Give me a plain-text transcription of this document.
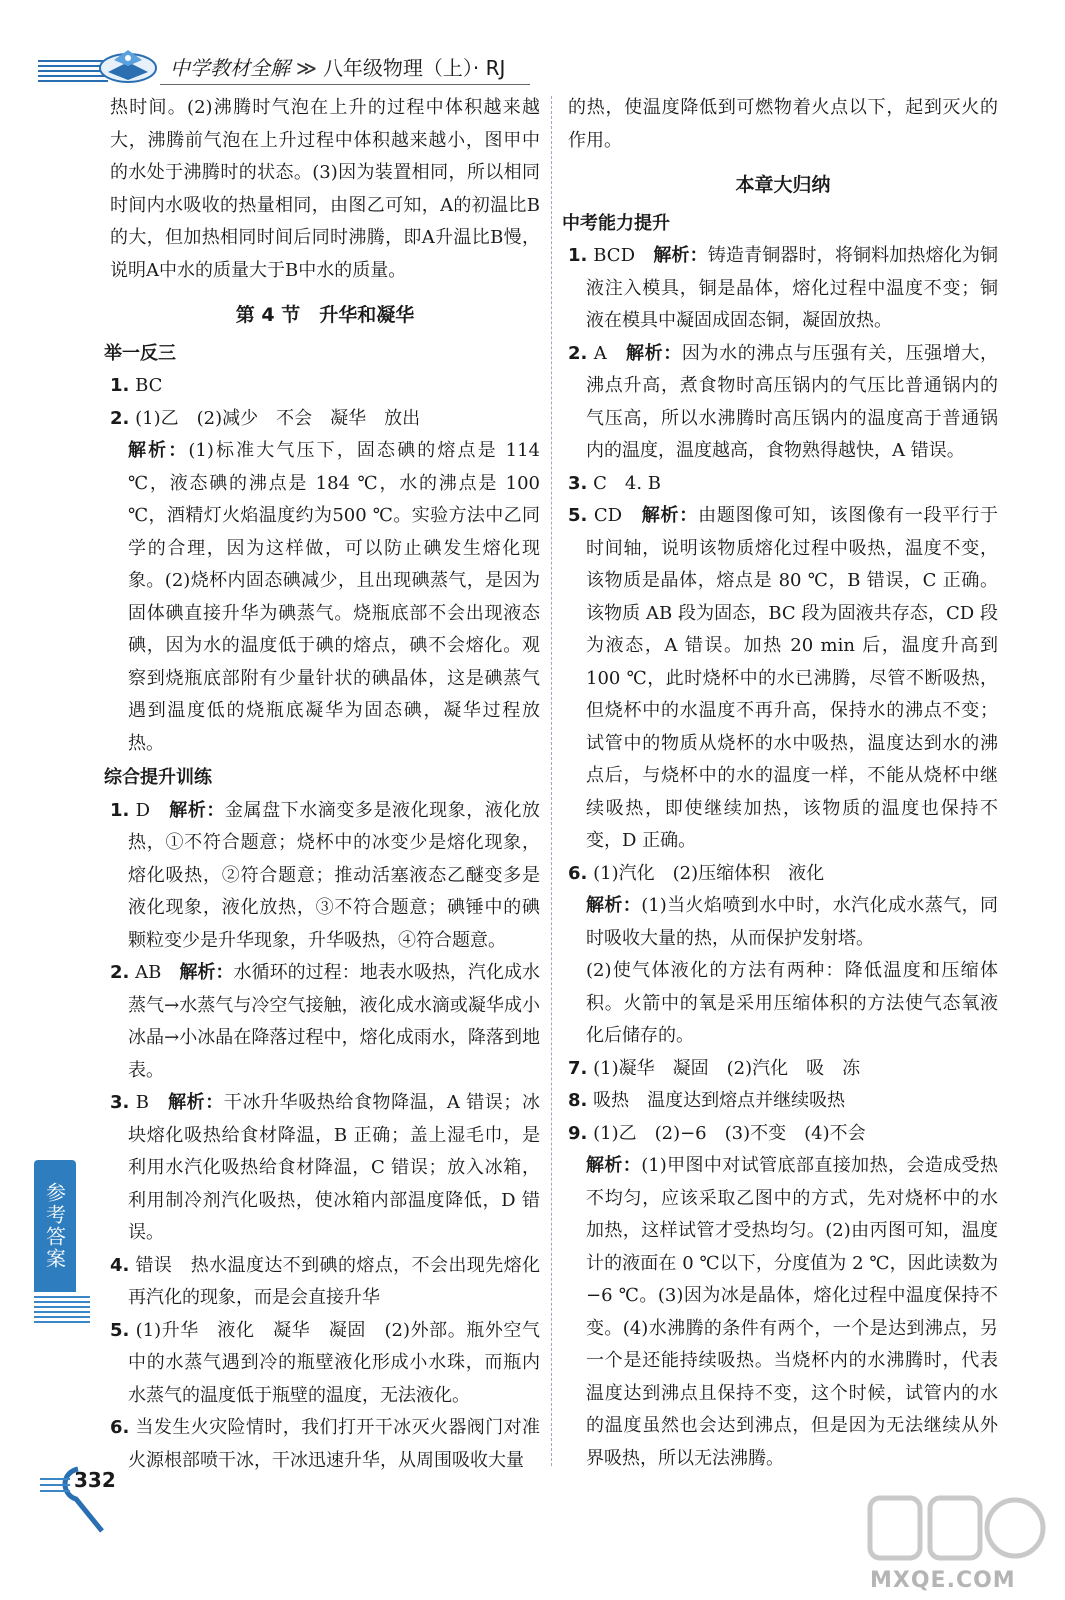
中学教材全解 ≫ 八年级物理（上）· RJ

热时间。(2)沸腾时气泡在上升的过程中体积越来越大，沸腾前气泡在上升过程中体积越来越小，图甲中的水处于沸腾时的状态。(3)因为装置相同，所以相同时间内水吸收的热量相同，由图乙可知，A的初温比B的大，但加热相同时间后同时沸腾，即A升温比B慢，说明A中水的质量大于B中水的质量。

第 4 节　升华和凝华
举一反三

1. BC

2. (1)乙　(2)减少　不会　凝华　放出

解析：(1)标准大气压下，固态碘的熔点是 114 ℃，液态碘的沸点是 184 ℃，水的沸点是 100 ℃，酒精灯火焰温度约为500 ℃。实验方法中乙同学的合理，因为这样做，可以防止碘发生熔化现象。(2)烧杯内固态碘减少，且出现碘蒸气，是因为固体碘直接升华为碘蒸气。烧瓶底部不会出现液态碘，因为水的温度低于碘的熔点，碘不会熔化。观察到烧瓶底部附有少量针状的碘晶体，这是碘蒸气遇到温度低的烧瓶底凝华为固态碘，凝华过程放热。

综合提升训练

1. D　解析：金属盘下水滴变多是液化现象，液化放热，①不符合题意；烧杯中的冰变少是熔化现象，熔化吸热，②符合题意；推动活塞液态乙醚变多是液化现象，液化放热，③不符合题意；碘锤中的碘颗粒变少是升华现象，升华吸热，④符合题意。

2. AB　解析：水循环的过程：地表水吸热，汽化成水蒸气→水蒸气与冷空气接触，液化成水滴或凝华成小冰晶→小冰晶在降落过程中，熔化成雨水，降落到地表。

3. B　解析：干冰升华吸热给食物降温，A 错误；冰块熔化吸热给食材降温，B 正确；盖上湿毛巾，是利用水汽化吸热给食材降温，C 错误；放入冰箱，利用制冷剂汽化吸热，使冰箱内部温度降低，D 错误。

4. 错误　热水温度达不到碘的熔点，不会出现先熔化再汽化的现象，而是会直接升华

5. (1)升华　液化　凝华　凝固　(2)外部。瓶外空气中的水蒸气遇到冷的瓶壁液化形成小水珠，而瓶内水蒸气的温度低于瓶壁的温度，无法液化。

6. 当发生火灾险情时，我们打开干冰灭火器阀门对准火源根部喷干冰，干冰迅速升华，从周围吸收大量

的热，使温度降低到可燃物着火点以下，起到灭火的作用。

本章大归纳
中考能力提升

1. BCD　解析：铸造青铜器时，将铜料加热熔化为铜液注入模具，铜是晶体，熔化过程中温度不变；铜液在模具中凝固成固态铜，凝固放热。

2. A　解析：因为水的沸点与压强有关，压强增大，沸点升高，煮食物时高压锅内的气压比普通锅内的气压高，所以水沸腾时高压锅内的温度高于普通锅内的温度，温度越高，食物熟得越快，A 错误。

3. C　4. B

5. CD　解析：由题图像可知，该图像有一段平行于时间轴，说明该物质熔化过程中吸热，温度不变，该物质是晶体，熔点是 80 ℃，B 错误，C 正确。该物质 AB 段为固态，BC 段为固液共存态，CD 段为液态，A 错误。加热 20 min 后，温度升高到 100 ℃，此时烧杯中的水已沸腾，尽管不断吸热，但烧杯中的水温度不再升高，保持水的沸点不变；试管中的物质从烧杯的水中吸热，温度达到水的沸点后，与烧杯中的水的温度一样，不能从烧杯中继续吸热，即使继续加热，该物质的温度也保持不变，D 正确。

6. (1)汽化　(2)压缩体积　液化

解析：(1)当火焰喷到水中时，水汽化成水蒸气，同时吸收大量的热，从而保护发射塔。

(2)使气体液化的方法有两种：降低温度和压缩体积。火箭中的氧是采用压缩体积的方法使气态氧液化后储存的。

7. (1)凝华　凝固　(2)汽化　吸　冻

8. 吸热　温度达到熔点并继续吸热

9. (1)乙　(2)−6　(3)不变　(4)不会

解析：(1)甲图中对试管底部直接加热，会造成受热不均匀，应该采取乙图中的方式，先对烧杯中的水加热，这样试管才受热均匀。(2)由丙图可知，温度计的液面在 0 ℃以下，分度值为 2 ℃，因此读数为 −6 ℃。(3)因为冰是晶体，熔化过程中温度保持不变。(4)水沸腾的条件有两个，一个是达到沸点，另一个是还能持续吸热。当烧杯内的水沸腾时，代表温度达到沸点且保持不变，这个时候，试管内的水的温度虽然也会达到沸点，但是因为无法继续从外界吸热，所以无法沸腾。

参考答案
332
MXQE.COM
